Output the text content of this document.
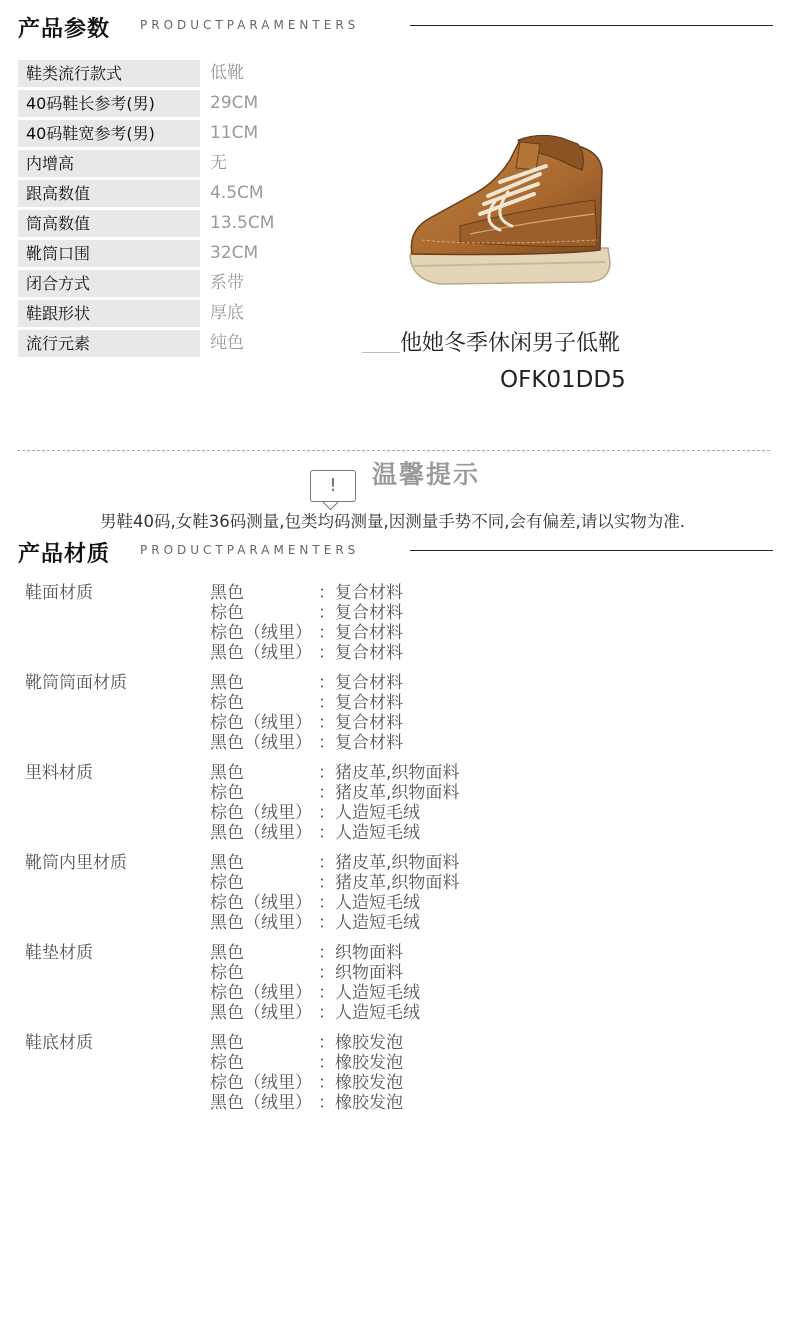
产品参数 PRODUCTPARAMENTERS
鞋类流行款式	低靴
40码鞋长参考(男)	29CM
40码鞋宽参考(男)	11CM
内增高	无
跟高数值	4.5CM
筒高数值	13.5CM
靴筒口围	32CM
闭合方式	系带
鞋跟形状	厚底
流行元素	纯色	他她冬季休闲男子低靴
OFK01DD5
!	温馨提示
男鞋40码,女鞋36码测量,包类均码测量,因测量手势不同,会有偏差,请以实物为准.
产品材质 PRODUCTPARAMENTERS
鞋面材质	黑色	：复合材料
棕色	：复合材料
棕色（绒里） ：复合材料
黑色（绒里） ：复合材料
靴筒筒面材质	黑色	：复合材料
棕色	：复合材料
棕色（绒里） ：复合材料
黑色（绒里） ：复合材料
里料材质	黑色	：猪皮革,织物面料
棕色	：猪皮革,织物面料
棕色（绒里） ：人造短毛绒
黑色（绒里） ：人造短毛绒
靴筒内里材质	黑色	：猪皮革,织物面料
棕色	：猪皮革,织物面料
棕色（绒里） ：人造短毛绒
黑色（绒里） ：人造短毛绒
鞋垫材质	黑色	：织物面料
棕色	：织物面料
棕色（绒里） ：人造短毛绒
黑色（绒里） ：人造短毛绒
鞋底材质	黑色	：橡胶发泡
棕色	：橡胶发泡
棕色（绒里） ：橡胶发泡
黑色（绒里） ：橡胶发泡
